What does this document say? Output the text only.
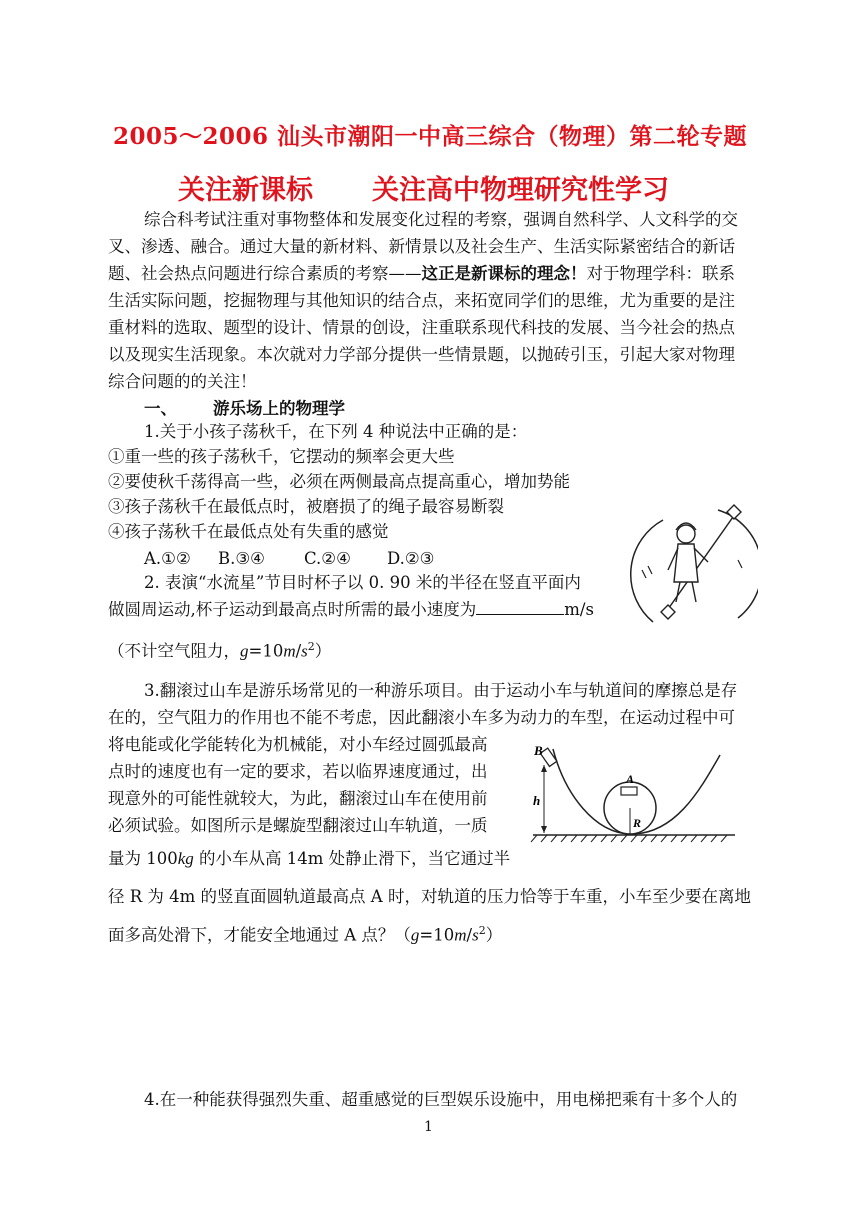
2005～2006 汕头市潮阳一中高三综合（物理）第二轮专题
关注新课标 关注高中物理研究性学习
综合科考试注重对事物整体和发展变化过程的考察，强调自然科学、人文科学的交
叉、渗透、融合。通过大量的新材料、新情景以及社会生产、生活实际紧密结合的新话
题、社会热点问题进行综合素质的考察——这正是新课标的理念！对于物理学科：联系
生活实际问题，挖掘物理与其他知识的结合点，来拓宽同学们的思维，尤为重要的是注
重材料的选取、题型的设计、情景的创设，注重联系现代科技的发展、当今社会的热点
以及现实生活现象。本次就对力学部分提供一些情景题，以抛砖引玉，引起大家对物理
综合问题的的关注！
一、 游乐场上的物理学
1.关于小孩子荡秋千，在下列 4 种说法中正确的是：
①重一些的孩子荡秋千，它摆动的频率会更大些
②要使秋千荡得高一些，必须在两侧最高点提高重心，增加势能
③孩子荡秋千在最低点时，被磨损了的绳子最容易断裂
④孩子荡秋千在最低点处有失重的感觉
A.①② B.③④ C.②④ D.②③
2. 表演“水流星”节目时杯子以 0. 90 米的半径在竖直平面内
做圆周运动,杯子运动到最高点时所需的最小速度为	m/s
（不计空气阻力，$g=10m/s^2$）
3.翻滚过山车是游乐场常见的一种游乐项目。由于运动小车与轨道间的摩擦总是存
在的，空气阻力的作用也不能不考虑，因此翻滚小车多为动力的车型，在运动过程中可
将电能或化学能转化为机械能，对小车经过圆弧最高
点时的速度也有一定的要求，若以临界速度通过，出
现意外的可能性就较大，为此，翻滚过山车在使用前
必须试验。如图所示是螺旋型翻滚过山车轨道，一质
量为 100kg 的小车从高 14m 处静止滑下，当它通过半
径 R 为 4m 的竖直面圆轨道最高点 A 时，对轨道的压力恰等于车重，小车至少要在离地
面多高处滑下，才能安全地通过 A 点？$(g=10m/s^2)$
B
h
A
R
4.在一种能获得强烈失重、超重感觉的巨型娱乐设施中，用电梯把乘有十多个人的
1
